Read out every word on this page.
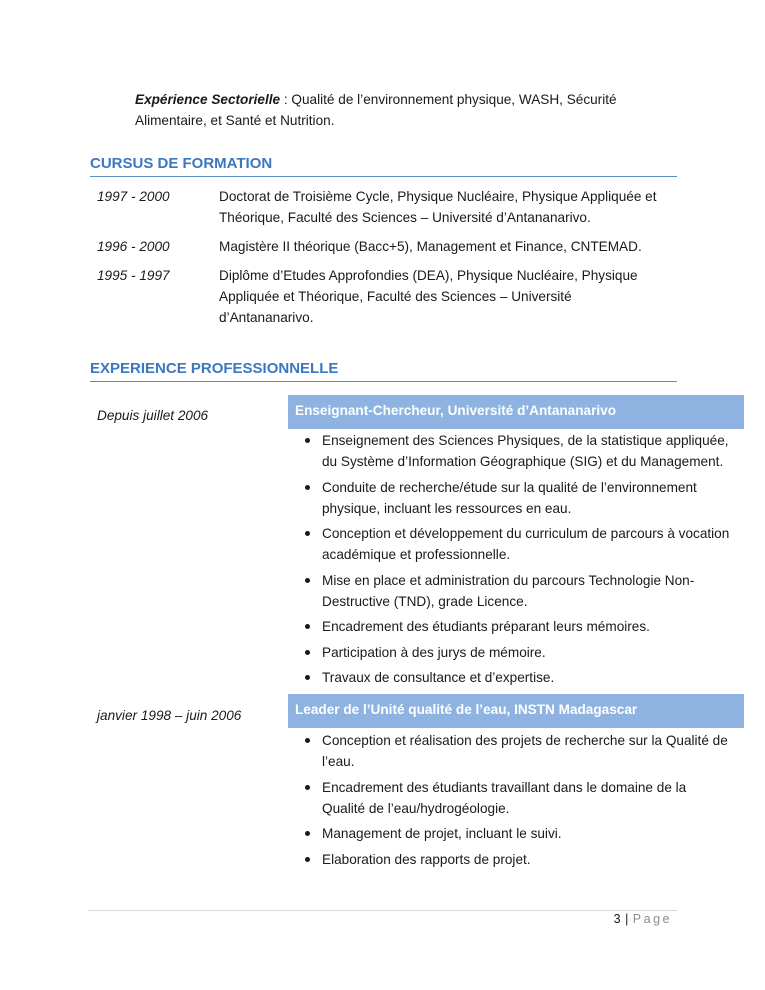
Expérience Sectorielle : Qualité de l’environnement physique, WASH, Sécurité Alimentaire, et Santé et Nutrition.
CURSUS DE FORMATION
1997 - 2000	Doctorat de Troisième Cycle, Physique Nucléaire, Physique Appliquée et Théorique, Faculté des Sciences – Université d’Antananarivo.
1996 - 2000	Magistère II théorique (Bacc+5), Management et Finance, CNTEMAD.
1995 - 1997	Diplôme d’Etudes Approfondies (DEA), Physique Nucléaire, Physique Appliquée et Théorique, Faculté des Sciences – Université d’Antananarivo.
EXPERIENCE PROFESSIONNELLE
Depuis juillet 2006	Enseignant-Chercheur, Université d’Antananarivo
Enseignement des Sciences Physiques, de la statistique appliquée, du Système d’Information Géographique (SIG) et du Management.
Conduite de recherche/étude sur la qualité de l’environnement physique, incluant les ressources en eau.
Conception et développement du curriculum de parcours à vocation académique et professionnelle.
Mise en place et administration du parcours Technologie Non-Destructive (TND), grade Licence.
Encadrement des étudiants préparant leurs mémoires.
Participation à des jurys de mémoire.
Travaux de consultance et d’expertise.
janvier 1998 – juin 2006	Leader de l’Unité qualité de l’eau, INSTN Madagascar
Conception et réalisation des projets de recherche sur la Qualité de l’eau.
Encadrement des étudiants travaillant dans le domaine de la Qualité de l’eau/hydrogéologie.
Management de projet, incluant le suivi.
Elaboration des rapports de projet.
3 | Page
